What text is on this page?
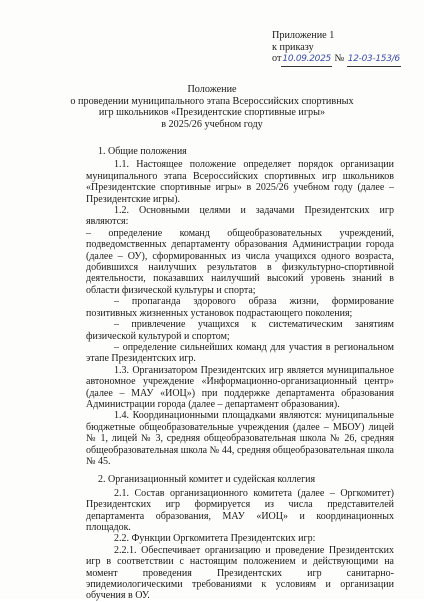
Приложение 1
к приказу
от10.09.2025 № 12-03-153/6
Положение
о проведении муниципального этапа Всероссийских спортивных
игр школьников «Президентские спортивные игры»
в 2025/26 учебном году

1. Общие положения

1.1. Настоящее положение определяет порядок организации муниципального этапа Всероссийских спортивных игр школьников «Президентские спортивные игры» в 2025/26 учебном году (далее – Президентские игры).

1.2. Основными целями и задачами Президентских игр являются:

– определение команд общеобразовательных учреждений, подведомственных департаменту образования Администрации города (далее – ОУ), сформированных из числа учащихся одного возраста, добившихся наилучших результатов в физкультурно-спортивной деятельности, показавших наилучший высокий уровень знаний в области физической культуры и спорта;

– пропаганда здорового образа жизни, формирование позитивных жизненных установок подрастающего поколения;

– привлечение учащихся к систематическим занятиям физической культурой и спортом;

– определение сильнейших команд для участия в региональном этапе Президентских игр.

1.3. Организатором Президентских игр является муниципальное автономное учреждение «Информационно-организационный центр» (далее – МАУ «ИОЦ») при поддержке департамента образования Администрации города (далее – департамент образования).

1.4. Координационными площадками являются: муниципальные бюджетные общеобразовательные учреждения (далее – МБОУ) лицей № 1, лицей № 3, средняя общеобразовательная школа № 26, средняя общеобразовательная школа № 44, средняя общеобразовательная школа № 45.

2. Организационный комитет и судейская коллегия

2.1. Состав организационного комитета (далее – Оргкомитет) Президентских игр формируется из числа представителей департамента образования, МАУ «ИОЦ» и координационных площадок.

2.2. Функции Оргкомитета Президентских игр:

2.2.1. Обеспечивает организацию и проведение Президентских игр в соответствии с настоящим положением и действующими на момент проведения Президентских игр санитарно-эпидемиологическими требованиями к условиям и организации обучения в ОУ.
